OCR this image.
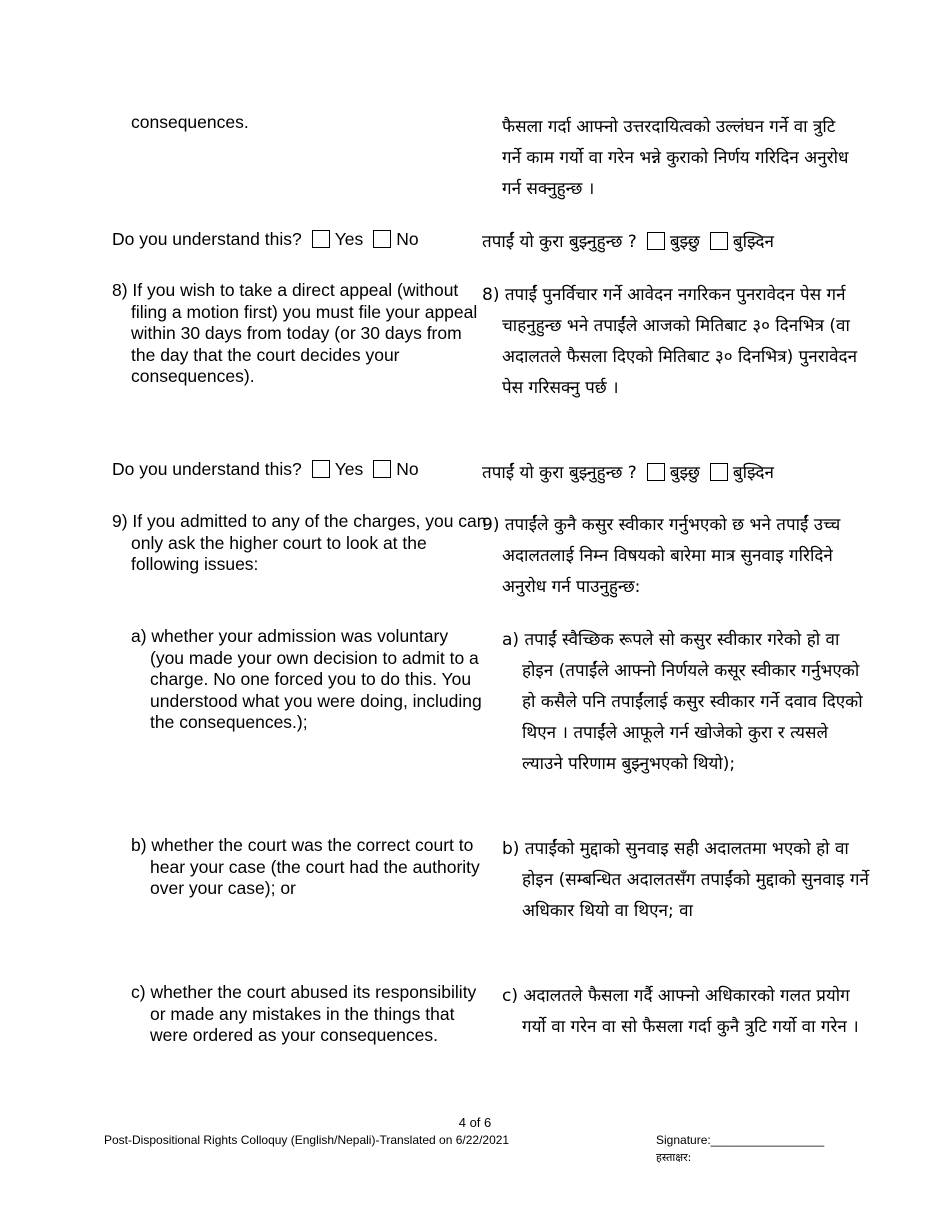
consequences.
Do you understand this? Yes No
8) If you wish to take a direct appeal (without filing a motion first) you must file your appeal within 30 days from today (or 30 days from the day that the court decides your consequences).
Do you understand this? Yes No
9) If you admitted to any of the charges, you can only ask the higher court to look at the following issues:
a) whether your admission was voluntary (you made your own decision to admit to a charge. No one forced you to do this. You understood what you were doing, including the consequences.);
b) whether the court was the correct court to hear your case (the court had the authority over your case); or
c) whether the court abused its responsibility or made any mistakes in the things that were ordered as your consequences.
फैसला गर्दा आफ्नो उत्तरदायित्वको उल्लंघन गर्ने वा त्रुटि गर्ने काम गर्यो वा गरेन भन्ने कुराको निर्णय गरिदिन अनुरोध गर्न सक्नुहुन्छ ।
तपाईं यो कुरा बुझ्नुहुन्छ ? बुझ्छु बुझ्दिन
8) तपाईं पुनर्विचार गर्ने आवेदन नगरिकन पुनरावेदन पेस गर्न चाहनुहुन्छ भने तपाईंले आजको मितिबाट ३० दिनभित्र (वा अदालतले फैसला दिएको मितिबाट ३० दिनभित्र) पुनरावेदन पेस गरिसक्नु पर्छ ।
तपाईं यो कुरा बुझ्नुहुन्छ ? बुझ्छु बुझ्दिन
9) तपाईंले कुनै कसुर स्वीकार गर्नुभएको छ भने तपाईं उच्च अदालतलाई निम्न विषयको बारेमा मात्र सुनवाइ गरिदिने अनुरोध गर्न पाउनुहुन्छ:
a) तपाईं स्वैच्छिक रूपले सो कसुर स्वीकार गरेको हो वा होइन (तपाईंले आफ्नो निर्णयले कसूर स्वीकार गर्नुभएको हो कसैले पनि तपाईंलाई कसुर स्वीकार गर्ने दवाव दिएको थिएन । तपाईंले आफूले गर्न खोजेको कुरा र त्यसले ल्याउने परिणाम बुझ्नुभएको थियो);
b) तपाईंको मुद्दाको सुनवाइ सही अदालतमा भएको हो वा होइन (सम्बन्धित अदालतसँग तपाईंको मुद्दाको सुनवाइ गर्ने अधिकार थियो वा थिएन; वा
c) अदालतले फैसला गर्दै आफ्नो अधिकारको गलत प्रयोग गर्यो वा गरेन वा सो फैसला गर्दा कुनै त्रुटि गर्यो वा गरेन ।
4 of 6
Post-Dispositional Rights Colloquy (English/Nepali)-Translated on 6/22/2021	Signature:_________________
हस्ताक्षर:
